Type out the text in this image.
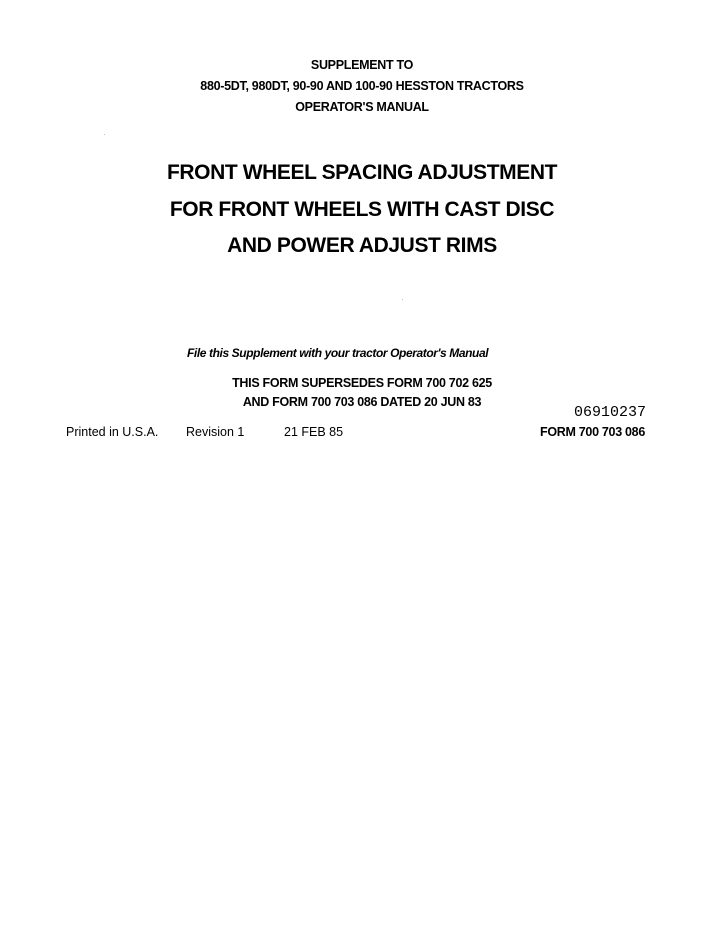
SUPPLEMENT TO
880-5DT, 980DT, 90-90 AND 100-90 HESSTON TRACTORS
OPERATOR'S MANUAL
FRONT WHEEL SPACING ADJUSTMENT
FOR FRONT WHEELS WITH CAST DISC
AND POWER ADJUST RIMS
File this Supplement with your tractor Operator's Manual
THIS FORM SUPERSEDES FORM 700 702 625
AND FORM 700 703 086 DATED 20 JUN 83
06910237
Printed in U.S.A. Revision 1	21 FEB 85	FORM 700 703 086
